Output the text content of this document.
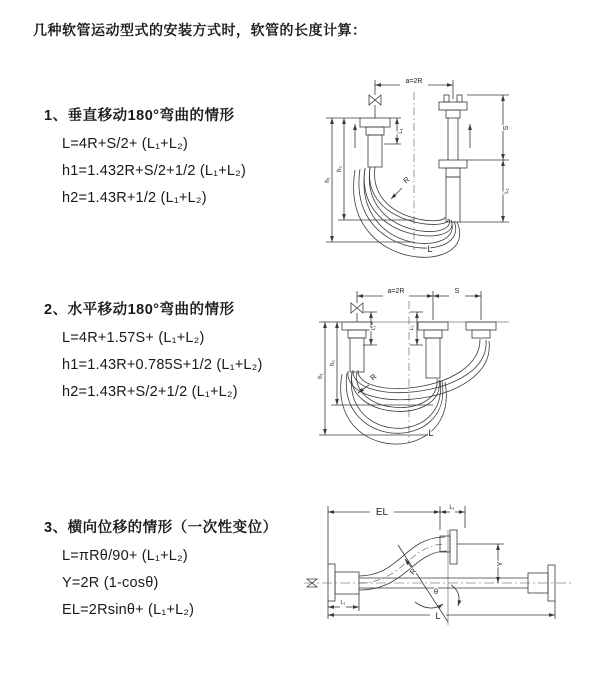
几种软管运动型式的安装方式时，软管的长度计算：
1、垂直移动180°弯曲的情形
L=4R+S/2+ (L₁+L₂)
h1=1.432R+S/2+1/2 (L₁+L₂)
h2=1.43R+1/2 (L₁+L₂)
2、水平移动180°弯曲的情形
L=4R+1.57S+ (L₁+L₂)
h1=1.43R+0.785S+1/2 (L₁+L₂)
h2=1.43R+S/2+1/2 (L₁+L₂)
3、横向位移的情形（一次性变位）
L=πRθ/90+ (L₁+L₂)
Y=2R (1-cosθ)
EL=2Rsinθ+ (L₁+L₂)
a=2R
L₁
h₁
h₂
S
L₁
R
L
a=2R	S
L₁	L₁
h₁
h₂
R
L
EL	L₁
Y
R
θ
L₁
L
